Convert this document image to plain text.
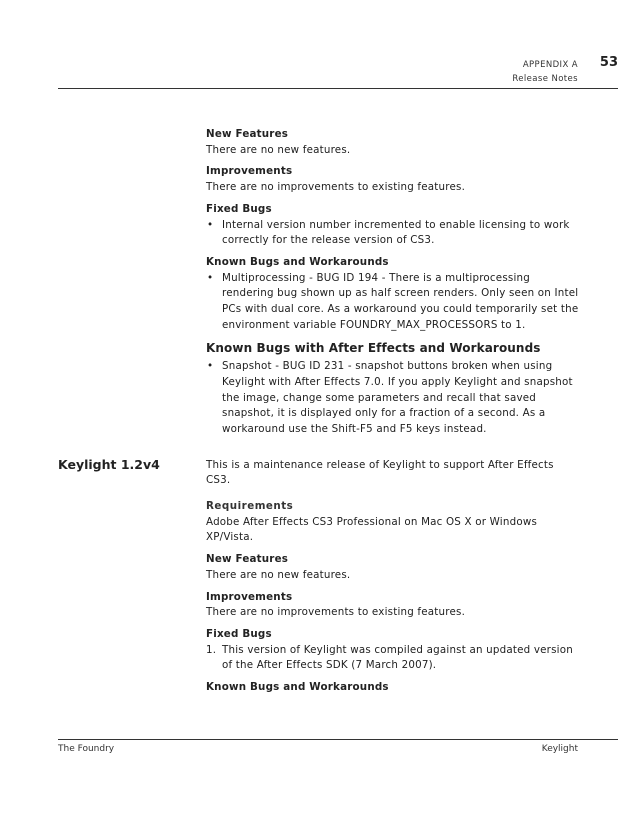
APPENDIX A
Release Notes
53
New Features
There are no new features.
Improvements
There are no improvements to existing features.
Fixed Bugs
• Internal version number incremented to enable licensing to work correctly for the release version of CS3.
Known Bugs and Workarounds
• Multiprocessing - BUG ID 194 - There is a multiprocessing rendering bug shown up as half screen renders. Only seen on Intel PCs with dual core. As a workaround you could temporarily set the environment variable FOUNDRY_MAX_PROCESSORS to 1.
Known Bugs with After Effects and Workarounds
• Snapshot - BUG ID 231 - snapshot buttons broken when using Keylight with After Effects 7.0. If you apply Keylight and snapshot the image, change some parameters and recall that saved snapshot, it is displayed only for a fraction of a second. As a workaround use the Shift-F5 and F5 keys instead.
This is a maintenance release of Keylight to support After Effects CS3.
Requirements
Adobe After Effects CS3 Professional on Mac OS X or Windows XP/Vista.
New Features
There are no new features.
Improvements
There are no improvements to existing features.
Fixed Bugs
1. This version of Keylight was compiled against an updated version of the After Effects SDK (7 March 2007).
Known Bugs and Workarounds
Keylight 1.2v4
The Foundry	Keylight
